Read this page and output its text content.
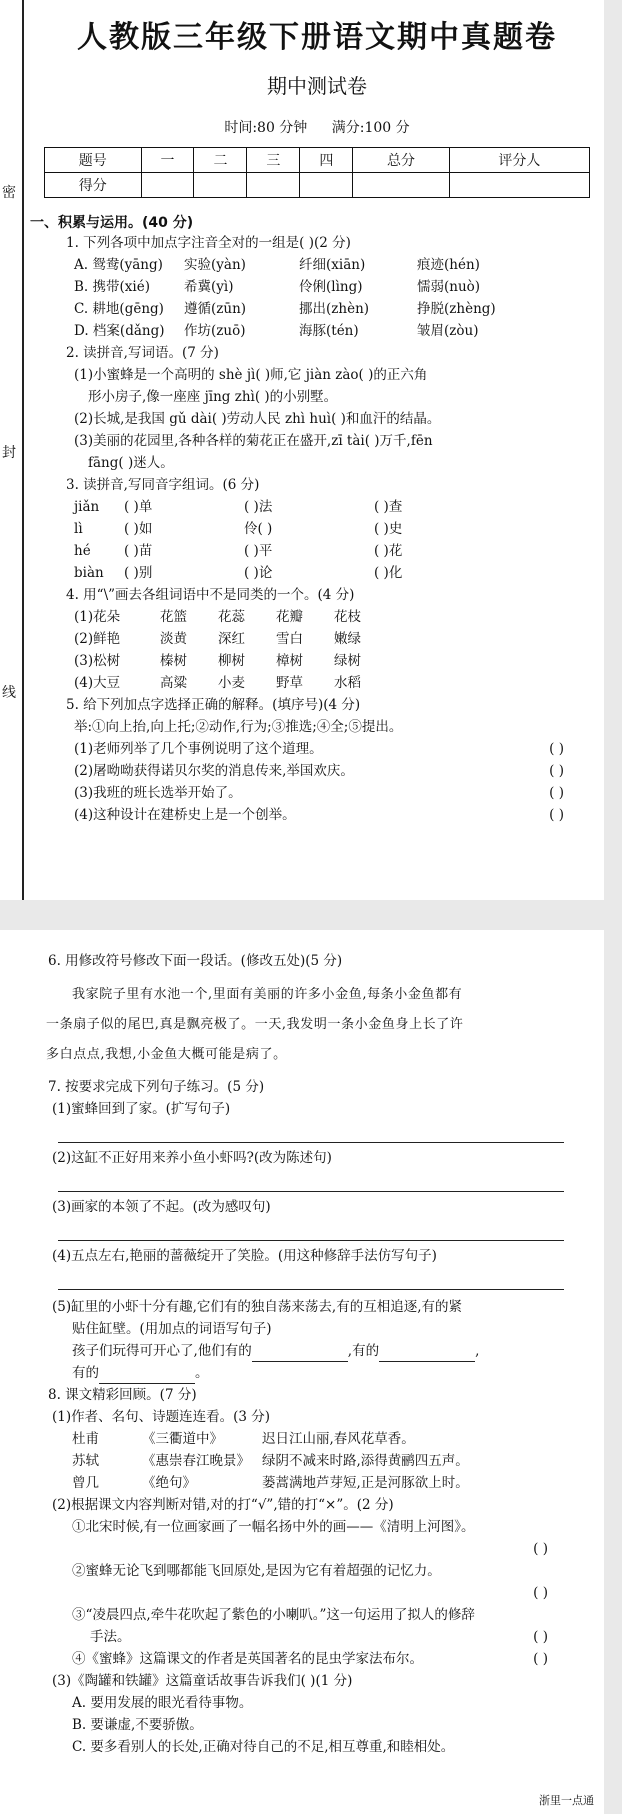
密
封
线
人教版三年级下册语文期中真题卷
期中测试卷
时间:80 分钟 满分:100 分
题号	一	二	三	四	总分	评分人
得分						
一、积累与运用。(40 分)
1. 下列各项中加点字注音全对的一组是( )(2 分)
A. 鸳鸯(yāng)	实验(yàn)	纤细(xiān)	痕迹(hén)
B. 携带(xié)	希冀(yì)	伶俐(lìng)	懦弱(nuò)
C. 耕地(gēng)	遵循(zūn)	挪出(zhèn)	挣脱(zhèng)
D. 档案(dǎng)	作坊(zuō)	海豚(tén)	皱眉(zòu)
2. 读拼音,写词语。(7 分)
(1)小蜜蜂是一个高明的 shè jì( )师,它 jiàn zào( )的正六角
形小房子,像一座座 jīng zhì( )的小别墅。
(2)长城,是我国 gǔ dài( )劳动人民 zhì huì( )和血汗的结晶。
(3)美丽的花园里,各种各样的菊花正在盛开,zī tài( )万千,fēn
fāng( )迷人。
3. 读拼音,写同音字组词。(6 分)
jiǎn	( )单	( )法	( )查
lì	( )如	伶( )	( )史
hé	( )苗	( )平	( )花
biàn	( )别	( )论	( )化
4. 用“\”画去各组词语中不是同类的一个。(4 分)
(1)花朵	花篮	花蕊	花瓣	花枝
(2)鲜艳	淡黄	深红	雪白	嫩绿
(3)松树	榛树	柳树	樟树	绿树
(4)大豆	高粱	小麦	野草	水稻
5. 给下列加点字选择正确的解释。(填序号)(4 分)
举:①向上抬,向上托;②动作,行为;③推选;④全;⑤提出。
(1)老师列举了几个事例说明了这个道理。	( )
(2)屠呦呦获得诺贝尔奖的消息传来,举国欢庆。	( )
(3)我班的班长选举开始了。	( )
(4)这种设计在建桥史上是一个创举。	( )
6. 用修改符号修改下面一段话。(修改五处)(5 分)
我家院子里有水池一个,里面有美丽的许多小金鱼,每条小金鱼都有
一条扇子似的尾巴,真是飘亮极了。一天,我发明一条小金鱼身上长了许
多白点点,我想,小金鱼大概可能是病了。
7. 按要求完成下列句子练习。(5 分)
(1)蜜蜂回到了家。(扩写句子)
(2)这缸不正好用来养小鱼小虾吗?(改为陈述句)
(3)画家的本领了不起。(改为感叹句)
(4)五点左右,艳丽的蔷薇绽开了笑脸。(用这种修辞手法仿写句子)
(5)缸里的小虾十分有趣,它们有的独自荡来荡去,有的互相追逐,有的紧
贴住缸壁。(用加点的词语写句子)
孩子们玩得可开心了,他们有的	,有的	,
有的	。
8. 课文精彩回顾。(7 分)
(1)作者、名句、诗题连连看。(3 分)
杜甫	《三衢道中》	迟日江山丽,春风花草香。
苏轼	《惠崇春江晚景》 绿阴不减来时路,添得黄鹂四五声。
曾几	《绝句》	蒌蒿满地芦芽短,正是河豚欲上时。
(2)根据课文内容判断对错,对的打“√”,错的打“×”。(2 分)
①北宋时候,有一位画家画了一幅名扬中外的画——《清明上河图》。
( )
②蜜蜂无论飞到哪都能飞回原处,是因为它有着超强的记忆力。
( )
③“凌晨四点,牵牛花吹起了紫色的小喇叭。”这一句运用了拟人的修辞
手法。	( )
④《蜜蜂》这篇课文的作者是英国著名的昆虫学家法布尔。	( )
(3)《陶罐和铁罐》这篇童话故事告诉我们( )(1 分)
A. 要用发展的眼光看待事物。
B. 要谦虚,不要骄傲。
C. 要多看别人的长处,正确对待自己的不足,相互尊重,和睦相处。
浙里一点通
